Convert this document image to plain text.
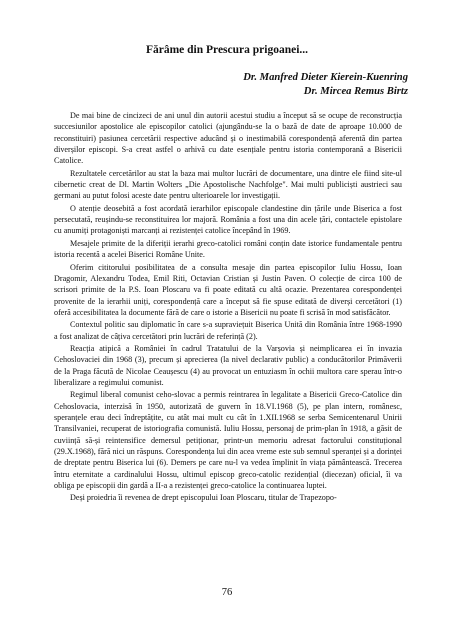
Fărâme din Prescura prigoanei...
Dr. Manfred Dieter Kierein-Kuenring
Dr. Mircea Remus Birtz

De mai bine de cincizeci de ani unul din autorii acestui studiu a început să se ocupe de reconstrucția succesiunilor apostolice ale episcopilor catolici (ajungându-se la o bază de date de aproape 10.000 de reconstituiri) pasiunea cercetării respective aducând și o inestimabilă corespondență aferentă din partea diverșilor episcopi. S-a creat astfel o arhivă cu date esențiale pentru istoria contemporană a Bisericii Catolice.

Rezultatele cercetărilor au stat la baza mai multor lucrări de documentare, una dintre ele fiind site-ul cibernetic creat de Dl. Martin Wolters „Die Apostolische Nachfolge". Mai multi publiciști austrieci sau germani au putut folosi aceste date pentru ulterioarele lor investigații.

O atenție deosebită a fost acordată ierarhilor episcopale clandestine din țările unde Biserica a fost persecutată, reușindu-se reconstituirea lor majoră. România a fost una din acele țări, contactele epistolare cu anumiți protagoniști marcanți ai rezistenței catolice începând în 1969.

Mesajele primite de la diferiții ierarhi greco-catolici români conțin date istorice fundamentale pentru istoria recentă a acelei Biserici Române Unite.

Oferim cititorului posibilitatea de a consulta mesaje din partea episcopilor Iuliu Hossu, Ioan Dragomir, Alexandru Todea, Emil Riti, Octavian Cristian și Justin Paven. O colecție de circa 100 de scrisori primite de la P.S. Ioan Ploscaru va fi poate editată cu altă ocazie. Prezentarea corespondenței provenite de la ierarhii uniți, corespondență care a început să fie spuse editată de diverși cercetători (1) oferă accesibilitatea la documente fără de care o istorie a Bisericii nu poate fi scrisă în mod satisfăcător.

Contextul politic sau diplomatic în care s-a supraviețuit Biserica Unită din România între 1968-1990 a fost analizat de câțiva cercetători prin lucrări de referință (2).

Reacția atipică a României în cadrul Tratatului de la Varșovia și neimplicarea ei în invazia Cehoslovaciei din 1968 (3), precum și aprecierea (la nivel declarativ public) a conducătorilor Primăverii de la Praga făcută de Nicolae Ceaușescu (4) au provocat un entuziasm în ochii multora care sperau într-o liberalizare a regimului comunist.

Regimul liberal comunist ceho-slovac a permis reintrarea în legalitate a Bisericii Greco-Catolice din Cehoslovacia, interzisă în 1950, autorizată de guvern în 18.VI.1968 (5), pe plan intern, românesc, speranțele erau deci îndreptățite, cu atât mai mult cu cât în 1.XII.1968 se serba Semicentenarul Unirii Transilvaniei, recuperat de istoriografia comunistă. Iuliu Hossu, personaj de prim-plan în 1918, a găsit de cuviință să-și reintensifice demersul petiționar, printr-un memoriu adresat factorului constituțional (29.X.1968), fără nici un răspuns. Corespondența lui din acea vreme este sub semnul speranței și a dorinței de dreptate pentru Biserica lui (6). Demers pe care nu-l va vedea împlinit în viața pământească. Trecerea întru eternitate a cardinalului Hossu, ultimul episcop greco-catolic rezidențial (diecezan) oficial, îi va obliga pe episcopii din gardă a II-a a rezistenței greco-catolice la continuarea luptei.

Deși proiedria îi revenea de drept episcopului Ioan Ploscaru, titular de Trapezopo-

76
